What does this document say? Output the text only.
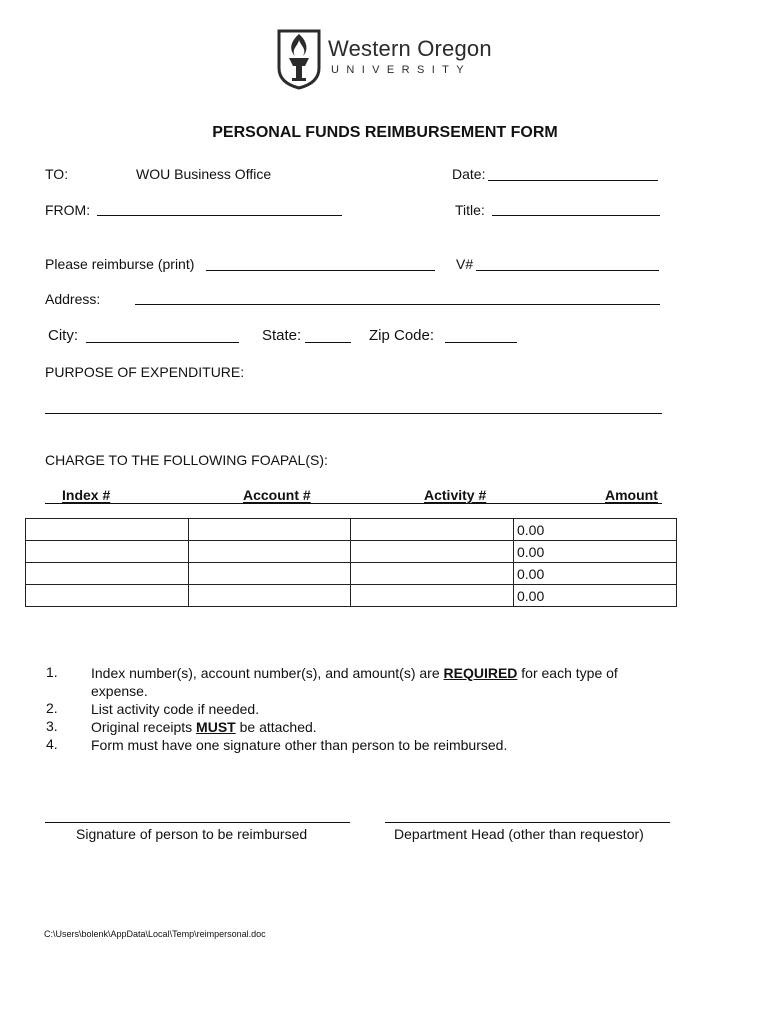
Western Oregon
UNIVERSITY
PERSONAL FUNDS REIMBURSEMENT FORM
TO:	WOU Business Office	Date:
FROM:	Title:
Please reimburse (print)	V#
Address:
City:	State:	Zip Code:
PURPOSE OF EXPENDITURE:
CHARGE TO THE FOLLOWING FOAPAL(S):
Index #	Account #	Activity #	Amount
			0.00
			0.00
			0.00
			0.00
1. Index number(s), account number(s), and amount(s) are REQUIRED for each type of expense.
2. List activity code if needed.
3. Original receipts MUST be attached.
4. Form must have one signature other than person to be reimbursed.
Signature of person to be reimbursed	Department Head (other than requestor)
C:\Users\bolenk\AppData\Local\Temp\reimpersonal.doc
